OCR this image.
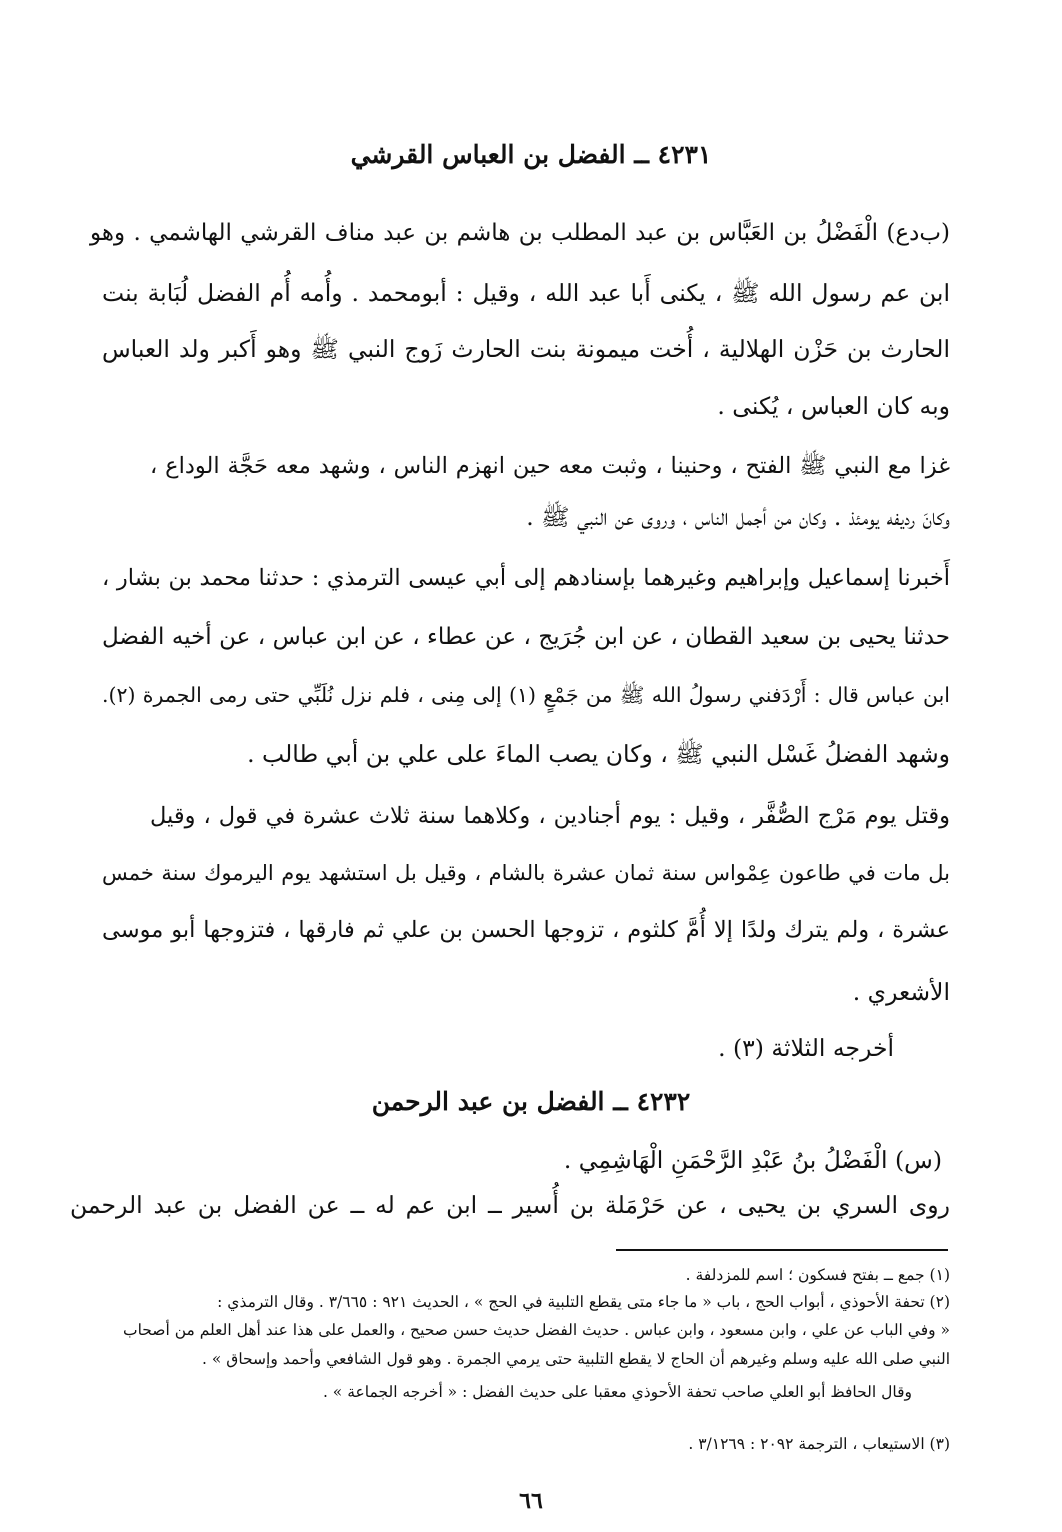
٤٢٣١ ــ الفضل بن العباس القرشي
(ب‌د‌ع) الْفَضْلُ بن العَبَّاس بن عبد المطلب بن هاشم بن عبد مناف القرشي الهاشمي . وهو
ابن عم رسول الله ﷺ ، يكنى أَبا عبد الله ، وقيل : أبومحمد . وأُمه أُم الفضل لُبَابة بنت
الحارث بن حَزْن الهلالية ، أُخت ميمونة بنت الحارث زَوج النبي ﷺ وهو أَكبر ولد العباس
وبه كان العباس ، يُكنى .
غزا مع النبي ﷺ الفتح ، وحنينا ، وثبت معه حين انهزم الناس ، وشهد معه حَجَّة الوداع ،
وكانَ رديفه يومئذ . وكان من أجمل الناس ، وروى عن النبي ﷺ .
أَخبرنا إسماعيل وإبراهيم وغيرهما بإسنادهم إلى أبي عيسى الترمذي : حدثنا محمد بن بشار ،
حدثنا يحيى بن سعيد القطان ، عن ابن جُرَيج ، عن عطاء ، عن ابن عباس ، عن أخيه الفضل
ابن عباس قال : أَرْدَفني رسولُ الله ﷺ من جَمْعٍ (١) إلى مِنى ، فلم نزل نُلَبِّي حتى رمى الجمرة (٢).
وشهد الفضلُ غَسْل النبي ﷺ ، وكان يصب الماءَ على علي بن أبي طالب .
وقتل يوم مَرْج الصُّفَّر ، وقيل : يوم أجنادين ، وكلاهما سنة ثلاث عشرة في قول ، وقيل
بل مات في طاعون عِمْواس سنة ثمان عشرة بالشام ، وقيل بل استشهد يوم اليرموك سنة خمس
عشرة ، ولم يترك ولدًا إلا أُمَّ كلثوم ، تزوجها الحسن بن علي ثم فارقها ، فتزوجها أبو موسى
الأشعري .
أخرجه الثلاثة (٣) .
٤٢٣٢ ــ الفضل بن عبد الرحمن
(س) الْفَضْلُ بنُ عَبْدِ الرَّحْمَنِ الْهَاشِمِي .
روى السري بن يحيى ، عن حَرْمَلة بن أُسير ــ ابن عم له ــ عن الفضل بن عبد الرحمن
(١) جمع ــ بفتح فسكون ؛ اسم للمزدلفة .
(٢) تحفة الأحوذي ، أبواب الحج ، باب « ما جاء متى يقطع التلبية في الحج » ، الحديث ٩٢١ : ٣/٦٦٥ . وقال الترمذي :
« وفي الباب عن علي ، وابن مسعود ، وابن عباس . حديث الفضل حديث حسن صحيح ، والعمل على هذا عند أهل العلم من أصحاب
النبي صلى الله عليه وسلم وغيرهم أن الحاج لا يقطع التلبية حتى يرمي الجمرة . وهو قول الشافعي وأحمد وإسحاق » .
وقال الحافظ أبو العلي صاحب تحفة الأحوذي معقبا على حديث الفضل : « أخرجه الجماعة » .
(٣) الاستيعاب ، الترجمة ٢٠٩٢ : ٣/١٢٦٩ .
٦٦
